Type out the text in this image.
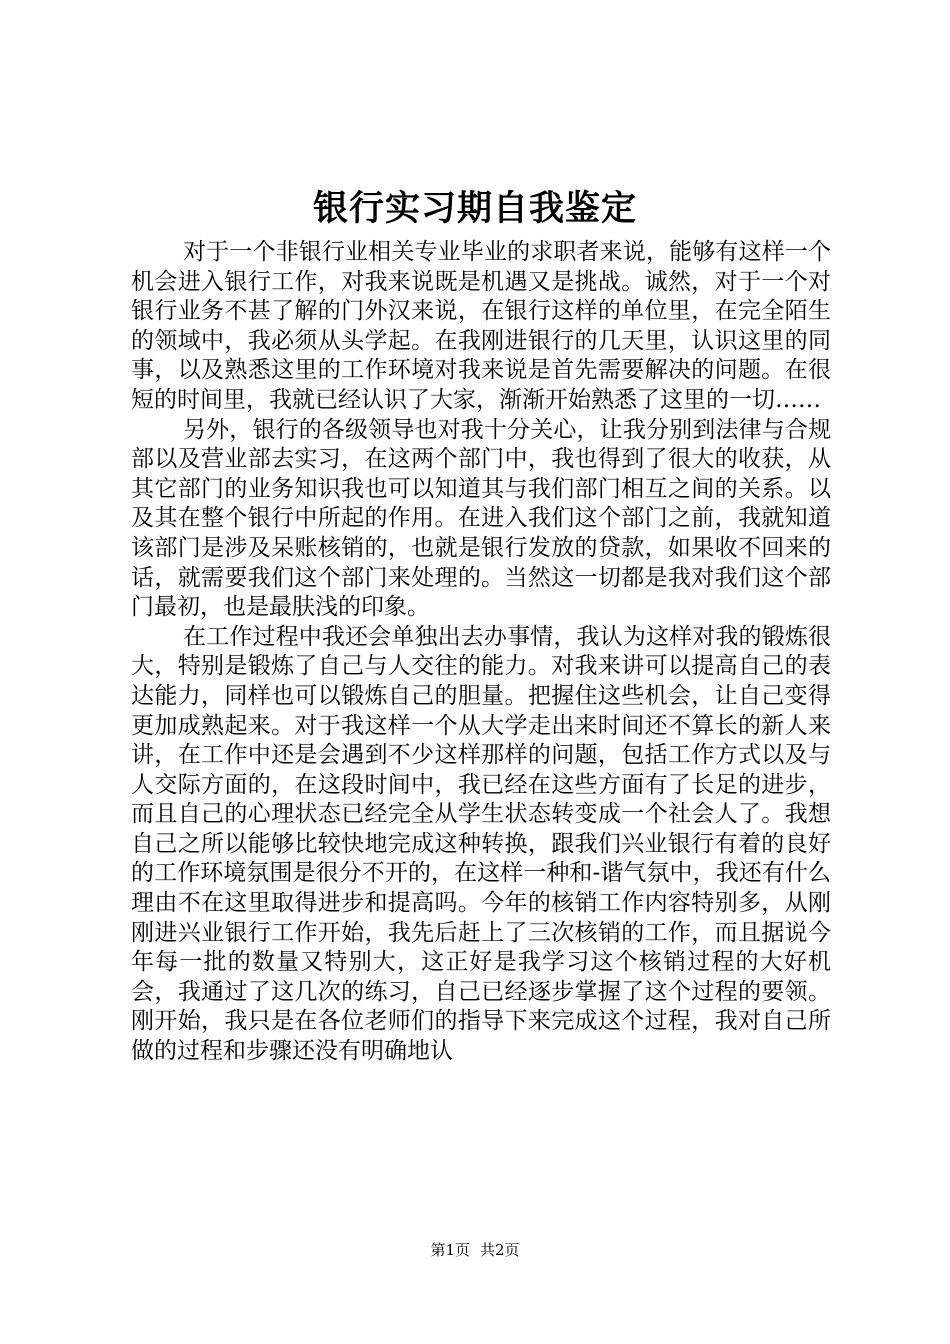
银行实习期自我鉴定

对于一个非银行业相关专业毕业的求职者来说，能够有这样一个机会进入银行工作，对我来说既是机遇又是挑战。诚然，对于一个对银行业务不甚了解的门外汉来说，在银行这样的单位里，在完全陌生的领域中，我必须从头学起。在我刚进银行的几天里，认识这里的同事，以及熟悉这里的工作环境对我来说是首先需要解决的问题。在很短的时间里，我就已经认识了大家，渐渐开始熟悉了这里的一切……

另外，银行的各级领导也对我十分关心，让我分别到法律与合规部以及营业部去实习，在这两个部门中，我也得到了很大的收获，从其它部门的业务知识我也可以知道其与我们部门相互之间的关系。以及其在整个银行中所起的作用。在进入我们这个部门之前，我就知道该部门是涉及呆账核销的，也就是银行发放的贷款，如果收不回来的话，就需要我们这个部门来处理的。当然这一切都是我对我们这个部门最初，也是最肤浅的印象。

在工作过程中我还会单独出去办事情，我认为这样对我的锻炼很大，特别是锻炼了自己与人交往的能力。对我来讲可以提高自己的表达能力，同样也可以锻炼自己的胆量。把握住这些机会，让自己变得更加成熟起来。对于我这样一个从大学走出来时间还不算长的新人来讲，在工作中还是会遇到不少这样那样的问题，包括工作方式以及与人交际方面的，在这段时间中，我已经在这些方面有了长足的进步，而且自己的心理状态已经完全从学生状态转变成一个社会人了。我想自己之所以能够比较快地完成这种转换，跟我们兴业银行有着的良好的工作环境氛围是很分不开的，在这样一种和-谐气氛中，我还有什么理由不在这里取得进步和提高吗。今年的核销工作内容特别多，从刚刚进兴业银行工作开始，我先后赶上了三次核销的工作，而且据说今年每一批的数量又特别大，这正好是我学习这个核销过程的大好机会，我通过了这几次的练习，自己已经逐步掌握了这个过程的要领。刚开始，我只是在各位老师们的指导下来完成这个过程，我对自己所做的过程和步骤还没有明确地认

第1页 共2页
